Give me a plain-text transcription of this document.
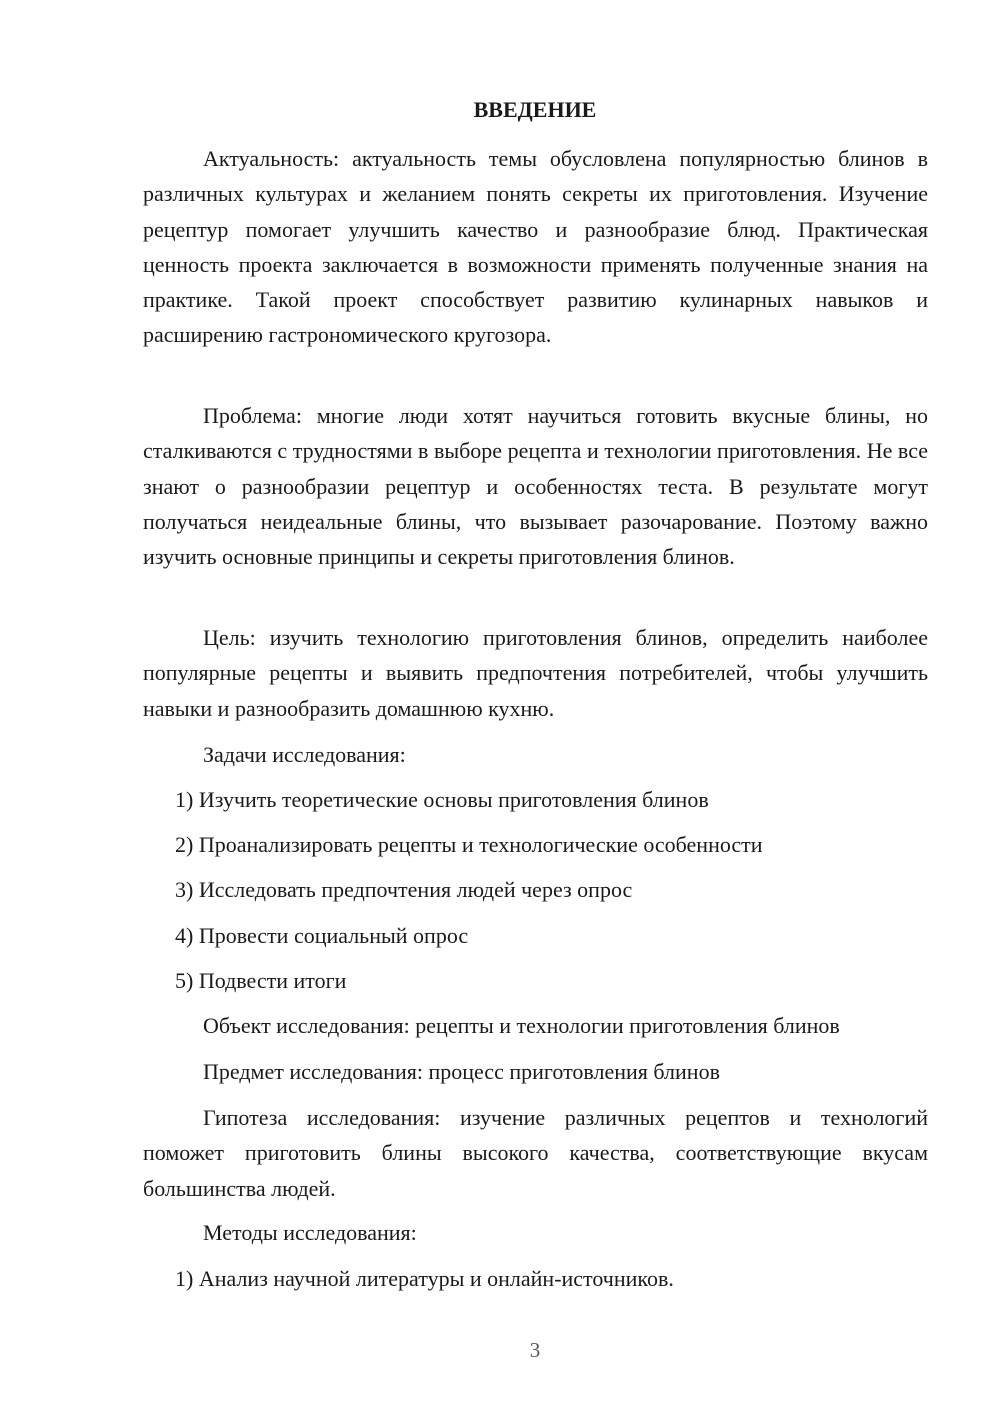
ВВЕДЕНИЕ

Актуальность: актуальность темы обусловлена популярностью блинов в различных культурах и желанием понять секреты их приготовления. Изучение рецептур помогает улучшить качество и разнообразие блюд. Практическая ценность проекта заключается в возможности применять полученные знания на практике. Такой проект способствует развитию кулинарных навыков и расширению гастрономического кругозора.

Проблема: многие люди хотят научиться готовить вкусные блины, но сталкиваются с трудностями в выборе рецепта и технологии приготовления. Не все знают о разнообразии рецептур и особенностях теста. В результате могут получаться неидеальные блины, что вызывает разочарование. Поэтому важно изучить основные принципы и секреты приготовления блинов.

Цель: изучить технологию приготовления блинов, определить наиболее популярные рецепты и выявить предпочтения потребителей, чтобы улучшить навыки и разнообразить домашнюю кухню.

Задачи исследования:

1) Изучить теоретические основы приготовления блинов

2) Проанализировать рецепты и технологические особенности

3) Исследовать предпочтения людей через опрос

4) Провести социальный опрос

5) Подвести итоги

Объект исследования: рецепты и технологии приготовления блинов

Предмет исследования: процесс приготовления блинов

Гипотеза исследования: изучение различных рецептов и технологий поможет приготовить блины высокого качества, соответствующие вкусам большинства людей.

Методы исследования:

1) Анализ научной литературы и онлайн-источников.

3
